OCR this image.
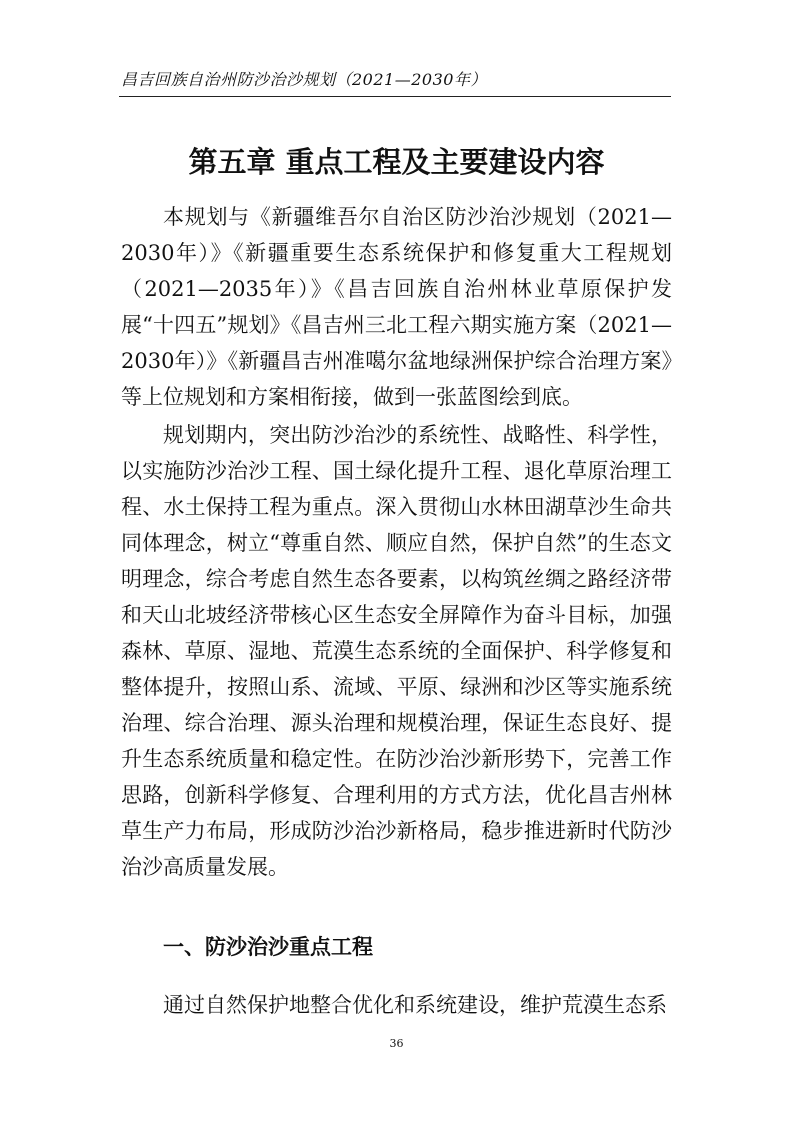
昌吉回族自治州防沙治沙规划（2021—2030年）
第五章 重点工程及主要建设内容

本规划与《新疆维吾尔自治区防沙治沙规划（2021—2030年）》《新疆重要生态系统保护和修复重大工程规划（2021—2035年）》《昌吉回族自治州林业草原保护发展“十四五”规划》《昌吉州三北工程六期实施方案（2021—2030年）》《新疆昌吉州准噶尔盆地绿洲保护综合治理方案》等上位规划和方案相衔接，做到一张蓝图绘到底。

规划期内，突出防沙治沙的系统性、战略性、科学性，以实施防沙治沙工程、国土绿化提升工程、退化草原治理工程、水土保持工程为重点。深入贯彻山水林田湖草沙生命共同体理念，树立“尊重自然、顺应自然，保护自然”的生态文明理念，综合考虑自然生态各要素，以构筑丝绸之路经济带和天山北坡经济带核心区生态安全屏障作为奋斗目标，加强森林、草原、湿地、荒漠生态系统的全面保护、科学修复和整体提升，按照山系、流域、平原、绿洲和沙区等实施系统治理、综合治理、源头治理和规模治理，保证生态良好、提升生态系统质量和稳定性。在防沙治沙新形势下，完善工作思路，创新科学修复、合理利用的方式方法，优化昌吉州林草生产力布局，形成防沙治沙新格局，稳步推进新时代防沙治沙高质量发展。

一、防沙治沙重点工程

通过自然保护地整合优化和系统建设，维护荒漠生态系

36
